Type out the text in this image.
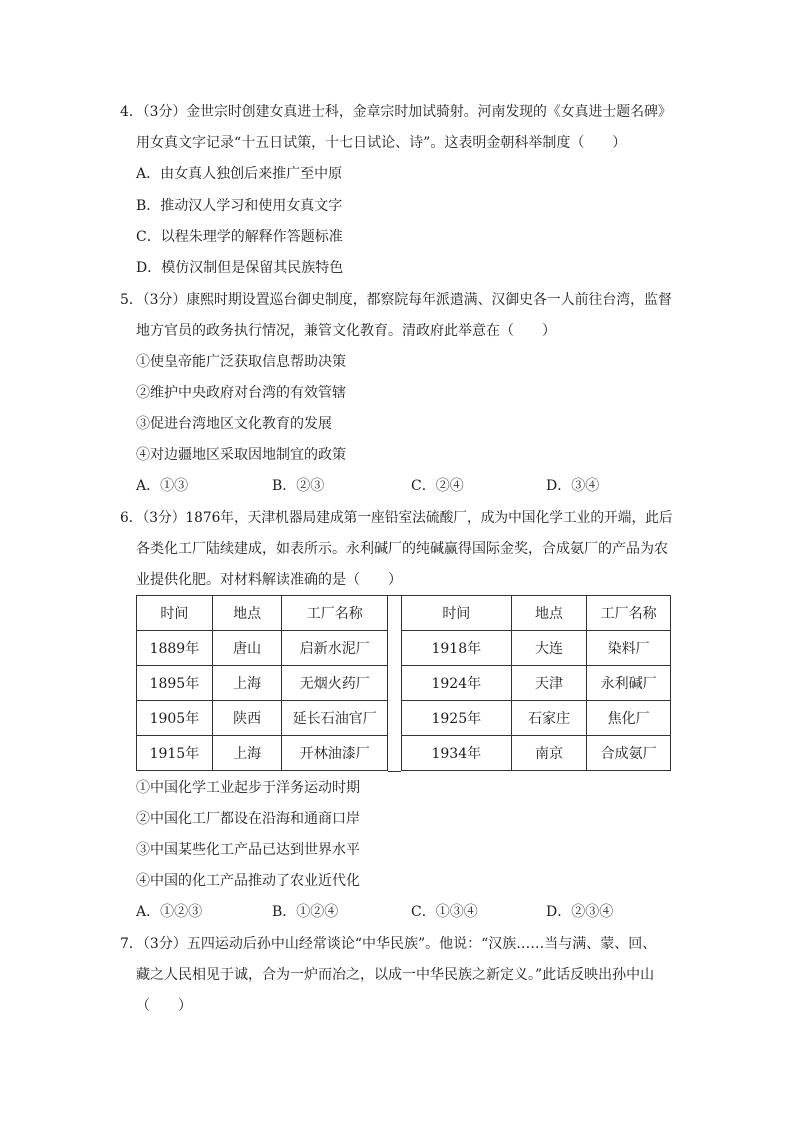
4．（3分）金世宗时创建女真进士科，金章宗时加试骑射。河南发现的《女真进士题名碑》
用女真文字记录“十五日试策，十七日试论、诗”。这表明金朝科举制度（　　）
A．由女真人独创后来推广至中原
B．推动汉人学习和使用女真文字
C．以程朱理学的解释作答题标准
D．模仿汉制但是保留其民族特色
5．（3分）康熙时期设置巡台御史制度，都察院每年派遣满、汉御史各一人前往台湾，监督
地方官员的政务执行情况，兼管文化教育。清政府此举意在（　　）
①使皇帝能广泛获取信息帮助决策
②维护中央政府对台湾的有效管辖
③促进台湾地区文化教育的发展
④对边疆地区采取因地制宜的政策
A．①③	B．②③	C．②④	D．③④
6．（3分）1876年，天津机器局建成第一座铅室法硫酸厂，成为中国化学工业的开端，此后
各类化工厂陆续建成，如表所示。永利碱厂的纯碱赢得国际金奖，合成氨厂的产品为农
业提供化肥。对材料解读准确的是（　　）
时间	地点	工厂名称
1889年	唐山	启新水泥厂
1895年	上海	无烟火药厂
1905年	陕西	延长石油官厂
1915年	上海	开林油漆厂
时间	地点	工厂名称
1918年	大连	染料厂
1924年	天津	永利碱厂
1925年	石家庄	焦化厂
1934年	南京	合成氨厂
①中国化学工业起步于洋务运动时期
②中国化工厂都设在沿海和通商口岸
③中国某些化工产品已达到世界水平
④中国的化工产品推动了农业近代化
A．①②③	B．①②④	C．①③④	D．②③④
7．（3分）五四运动后孙中山经常谈论“中华民族”。他说：“汉族……当与满、蒙、回、
藏之人民相见于诚，合为一炉而冶之，以成一中华民族之新定义。”此话反映出孙中山
（　　）
